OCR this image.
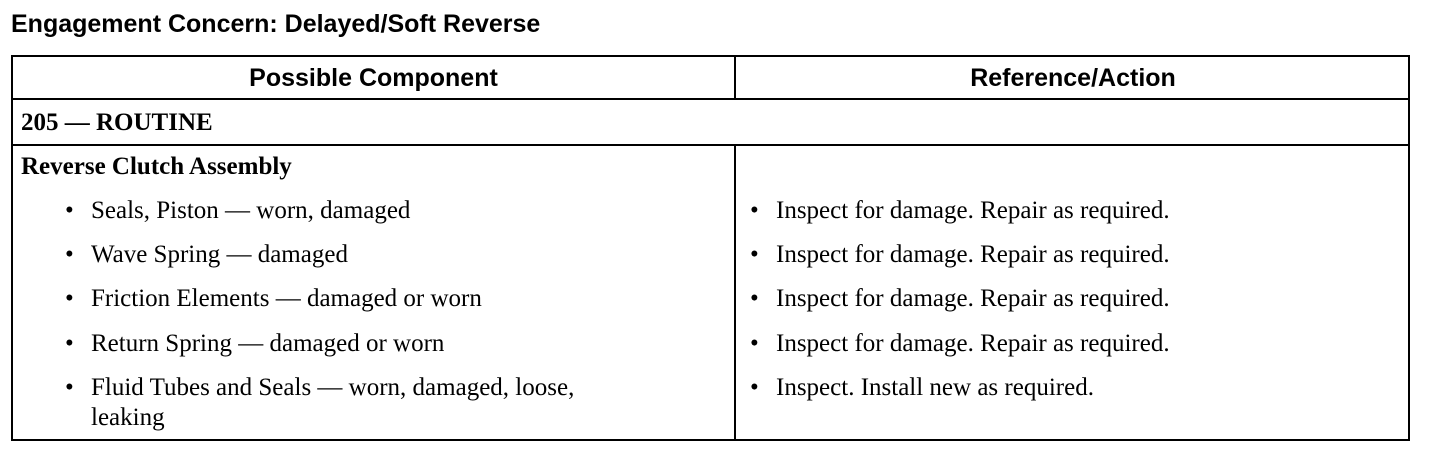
Engagement Concern: Delayed/Soft Reverse
Possible Component	Reference/Action
205 — ROUTINE
Reverse Clutch Assembly
• Seals, Piston — worn, damaged
• Wave Spring — damaged
• Friction Elements — damaged or worn
• Return Spring — damaged or worn
• Fluid Tubes and Seals — worn, damaged, loose,
leaking
• Inspect for damage. Repair as required.
• Inspect for damage. Repair as required.
• Inspect for damage. Repair as required.
• Inspect for damage. Repair as required.
• Inspect. Install new as required.
